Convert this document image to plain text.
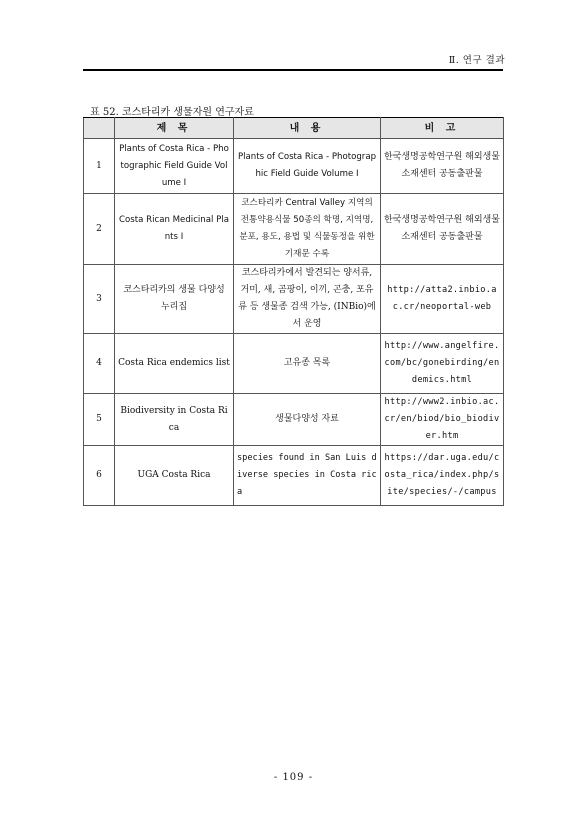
Ⅱ. 연구 결과
표 52. 코스타리카 생물자원 연구자료
	제 목	내 용	비 고
1	Plants of Costa Rica - Photographic Field Guide Volume I	Plants of Costa Rica - Photographic Field Guide Volume I	한국생명공학연구원 해외생물소재센터 공동출판물
2	Costa Rican Medicinal Plants I	코스타리카 Central Valley 지역의 전통약용식물 50종의 학명, 지역명, 분포, 용도, 용법 및 식물동정을 위한 기재문 수록	한국생명공학연구원 해외생물소재센터 공동출판물
3	코스타리카의 생물 다양성 누리집	코스타리카에서 발견되는 양서류, 거미, 새, 곰팡이, 이끼, 곤충, 포유류 등 생물종 검색 가능, (INBio)에서 운영	http://atta2.inbio.ac.cr/neoportal-web
4	Costa Rica endemics list	고유종 목록	http://www.angelfire.com/bc/gonebirding/endemics.html
5	Biodiversity in Costa Rica	생물다양성 자료	http://www2.inbio.ac.cr/en/biod/bio_biodiver.htm
6	UGA Costa Rica	species found in San Luis diverse species in Costa rica	https://dar.uga.edu/costa_rica/index.php/site/species/-/campus
- 109 -
